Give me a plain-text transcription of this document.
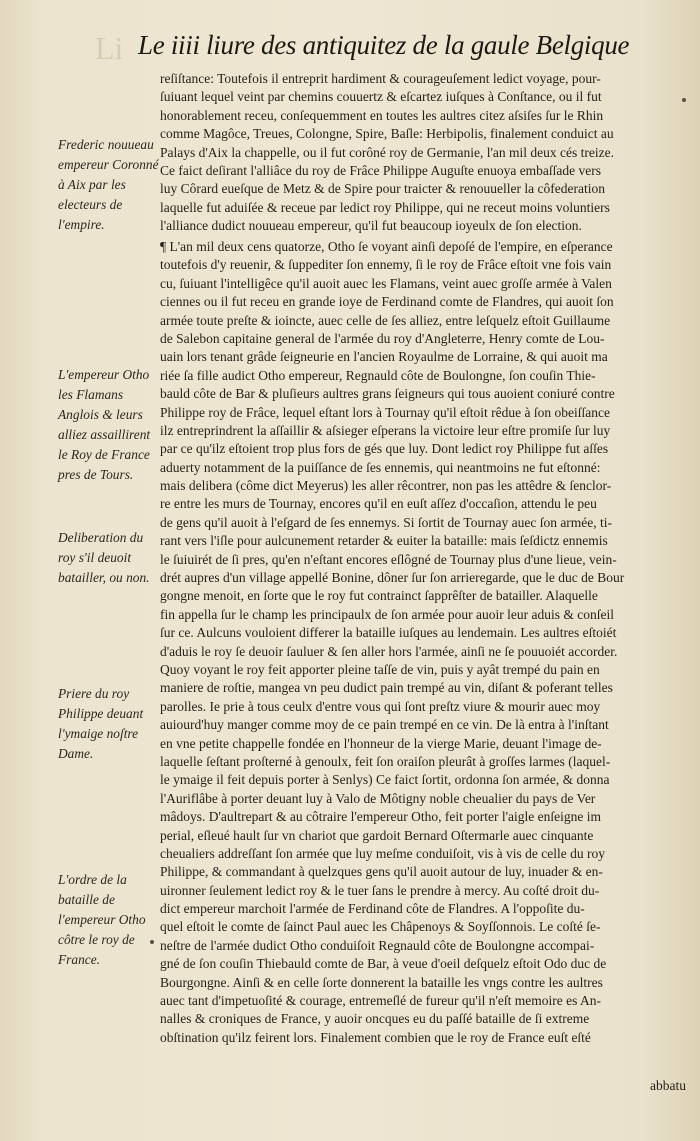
Li Le iiii liure des antiquitez de la gaule Belgique
Frederic nouueau empereur Coronné à Aix par les electeurs de l'empire.
L'empereur Otho les Flamans Anglois & leurs alliez assaillirent le Roy de France pres de Tours.
Deliberation du roy s'il deuoit batailler, ou non.
Priere du roy Philippe deuant l'ymaige noſtre Dame.
L'ordre de la bataille de l'empereur Otho côtre le roy de France.
reſiſtance: Toutefois il entreprit hardiment & courageuſement ledict voyage, pour-
ſuiuant lequel veint par chemins couuertz & eſcartez iuſques à Conſtance, ou il fut
honorablement receu, conſequemment en toutes les aultres citez aſsiſes ſur le Rhin
comme Magôce, Treues, Colongne, Spire, Baſle: Herbipolis, finalement conduict au
Palays d'Aix la chappelle, ou il fut corôné roy de Germanie, l'an mil deux cés treize.
Ce faict deſirant l'alliâce du roy de Frâce Philippe Auguſte enuoya embaſſade vers
luy Côrard eueſque de Metz & de Spire pour traicter & renouueller la côfederation
laquelle fut aduiſée & receue par ledict roy Philippe, qui ne receut moins voluntiers
l'alliance dudict nouueau empereur, qu'il fut beaucoup ioyeulx de ſon election.
¶ L'an mil deux cens quatorze, Otho ſe voyant ainſi depoſé de l'empire, en eſperance
toutefois d'y reuenir, & ſuppediter ſon ennemy, ſi le roy de Frâce eſtoit vne fois vain
cu, ſuiuant l'intelligêce qu'il auoit auec les Flamans, veint auec groſſe armée à Valen
ciennes ou il fut receu en grande ioye de Ferdinand comte de Flandres, qui auoit ſon
armée toute preſte & ioincte, auec celle de ſes alliez, entre leſquelz eſtoit Guillaume
de Salebon capitaine general de l'armée du roy d'Angleterre, Henry comte de Lou-
uain lors tenant grâde ſeigneurie en l'ancien Royaulme de Lorraine, & qui auoit ma
riée ſa fille audict Otho empereur, Regnauld côte de Boulongne, ſon couſin Thie-
bauld côte de Bar & pluſieurs aultres grans ſeigneurs qui tous auoient coniuré contre
Philippe roy de Frâce, lequel eſtant lors à Tournay qu'il eſtoit rêdue à ſon obeiſſance
ilz entreprindrent la aſſaillir & aſsieger eſperans la victoire leur eſtre promiſe ſur luy
par ce qu'ilz eſtoient trop plus fors de gés que luy. Dont ledict roy Philippe fut aſſes
aduerty notamment de la puiſſance de ſes ennemis, qui neantmoins ne fut eſtonné:
mais delibera (côme dict Meyerus) les aller rêcontrer, non pas les attêdre & ſenclor-
re entre les murs de Tournay, encores qu'il en euſt aſſez d'occaſion, attendu le peu
de gens qu'il auoit à l'eſgard de ſes ennemys. Si ſortit de Tournay auec ſon armée, ti-
rant vers l'iſle pour aulcunement retarder & euiter la bataille: mais ſeſdictz ennemis
le ſuiuirét de ſi pres, qu'en n'eſtant encores eſlôgné de Tournay plus d'une lieue, vein-
drét aupres d'un village appellé Bonine, dôner ſur ſon arrieregarde, que le duc de Bour
gongne menoit, en ſorte que le roy fut contrainct ſapprêſter de batailler. Alaquelle
fin appella ſur le champ les principaulx de ſon armée pour auoir leur aduis & conſeil
ſur ce. Aulcuns vouloient differer la bataille iuſques au lendemain. Les aultres eſtoiét
d'aduis le roy ſe deuoir ſauluer & ſen aller hors l'armée, ainſi ne ſe pouuoiét accorder.
Quoy voyant le roy feit apporter pleine taſſe de vin, puis y ayât trempé du pain en
maniere de roſtie, mangea vn peu dudict pain trempé au vin, diſant & poferant telles
parolles. Ie prie à tous ceulx d'entre vous qui ſont preſtz viure & mourir auec moy
auiourd'huy manger comme moy de ce pain trempé en ce vin. De là entra à l'inſtant
en vne petite chappelle fondée en l'honneur de la vierge Marie, deuant l'image de-
laquelle ſeſtant proſterné à genoulx, feit ſon oraiſon pleurât à groſſes larmes (laquel-
le ymaige il feit depuis porter à Senlys) Ce faict ſortit, ordonna ſon armée, & donna
l'Auriflâbe à porter deuant luy à Valo de Môtigny noble cheualier du pays de Ver
mâdoys. D'aultrepart & au côtraire l'empereur Otho, feit porter l'aigle enſeigne im
perial, eſleué hault ſur vn chariot que gardoit Bernard Oſtermarle auec cinquante
cheualiers addreſſant ſon armée que luy meſme conduiſoit, vis à vis de celle du roy
Philippe, & commandant à quelzques gens qu'il auoit autour de luy, inuader & en-
uironner ſeulement ledict roy & le tuer ſans le prendre à mercy. Au coſté droit du-
dict empereur marchoit l'armée de Ferdinand côte de Flandres. A l'oppoſite du-
quel eſtoit le comte de ſainct Paul auec les Châpenoys & Soyſſonnois. Le coſté ſe-
neſtre de l'armée dudict Otho conduiſoit Regnauld côte de Boulongne accompai-
gné de ſon couſin Thiebauld comte de Bar, à veue d'oeil deſquelz eſtoit Odo duc de
Bourgongne. Ainſi & en celle ſorte donnerent la bataille les vngs contre les aultres
auec tant d'impetuoſité & courage, entremeſlé de fureur qu'il n'eſt memoire es An-
nalles & croniques de France, y auoir oncques eu du paſſé bataille de ſi extreme
obſtination qu'ilz feirent lors. Finalement combien que le roy de France euſt eſté
abbatu
